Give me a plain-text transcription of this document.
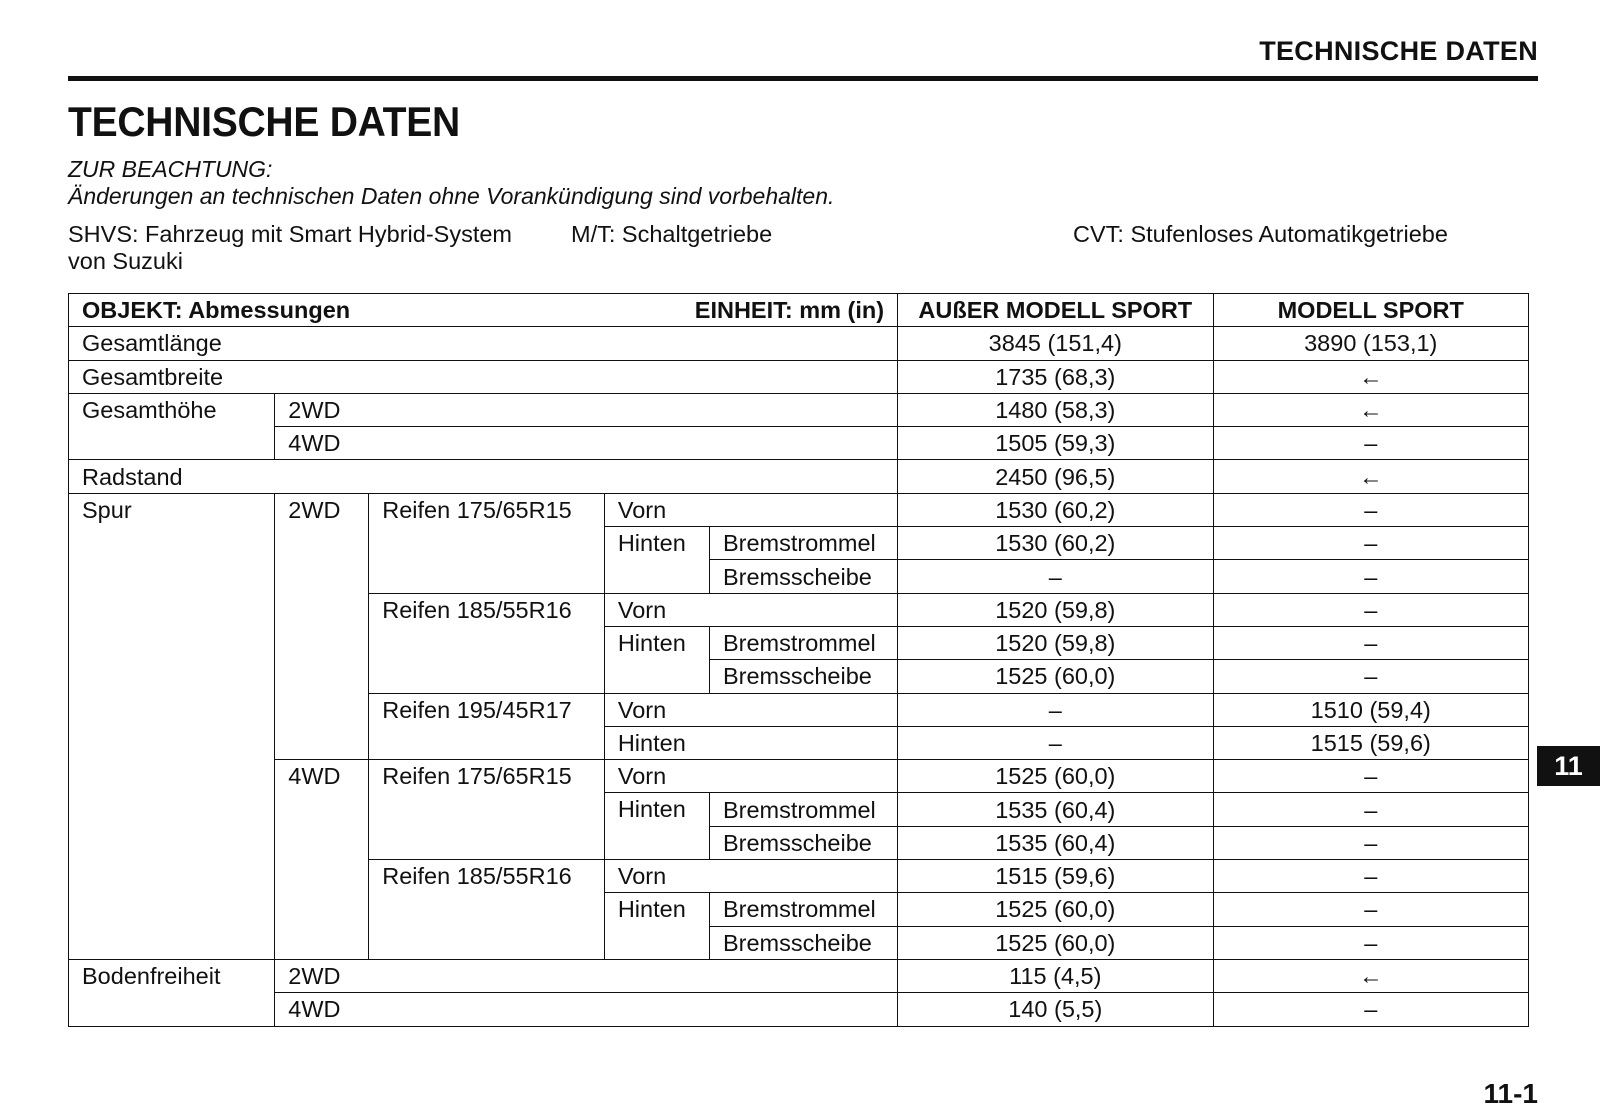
TECHNISCHE DATEN
TECHNISCHE DATEN
ZUR BEACHTUNG:
Änderungen an technischen Daten ohne Vorankündigung sind vorbehalten.
SHVS: Fahrzeug mit Smart Hybrid-System von Suzuki
M/T: Schaltgetriebe	CVT: Stufenloses Automatikgetriebe
OBJEKT: Abmessungen EINHEIT: mm (in)					AUßER MODELL SPORT	MODELL SPORT
Gesamtlänge					3845 (151,4)	3890 (153,1)
Gesamtbreite					1735 (68,3)	←
Gesamthöhe	2WD				1480 (58,3)	←
	4WD				1505 (59,3)	–
Radstand					2450 (96,5)	←
Spur	2WD	Reifen 175/65R15	Vorn		1530 (60,2)	–
			Hinten	Bremstrommel	1530 (60,2)	–
				Bremsscheibe	–	–
		Reifen 185/55R16	Vorn		1520 (59,8)	–
			Hinten	Bremstrommel	1520 (59,8)	–
				Bremsscheibe	1525 (60,0)	–
		Reifen 195/45R17	Vorn		–	1510 (59,4)
			Hinten		–	1515 (59,6)
	4WD	Reifen 175/65R15	Vorn		1525 (60,0)	–
			Hinten	Bremstrommel	1535 (60,4)	–
				Bremsscheibe	1535 (60,4)	–
		Reifen 185/55R16	Vorn		1515 (59,6)	–
			Hinten	Bremstrommel	1525 (60,0)	–
				Bremsscheibe	1525 (60,0)	–
Bodenfreiheit	2WD				115 (4,5)	←
	4WD				140 (5,5)	–
11
11-1
